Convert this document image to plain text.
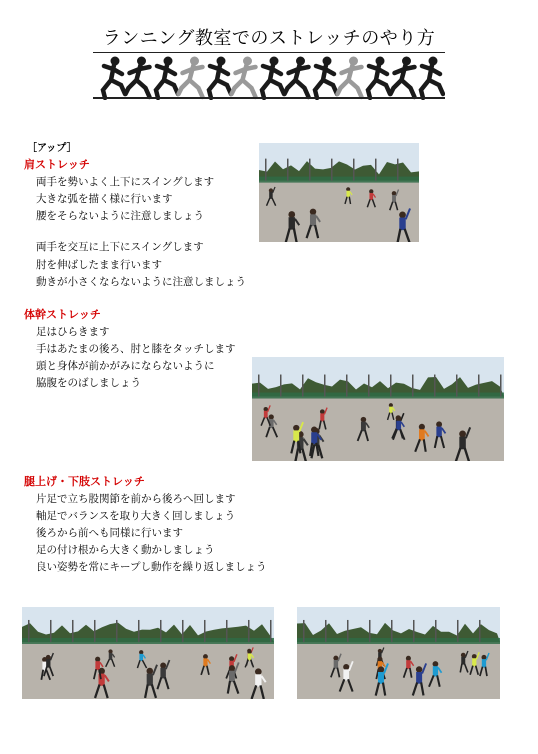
ランニング教室でのストレッチのやり方
［アップ］
肩ストレッチ
両手を勢いよく上下にスイングします
大きな弧を描く様に行います
腰をそらないように注意しましょう
両手を交互に上下にスイングします
肘を伸ばしたまま行います
動きが小さくならないように注意しましょう
体幹ストレッチ
足はひらきます
手はあたまの後ろ、肘と膝をタッチします
頭と身体が前かがみにならないように
脇腹をのばしましょう
腿上げ・下肢ストレッチ
片足で立ち股関節を前から後ろへ回します
軸足でバランスを取り大きく回しましょう
後ろから前へも同様に行います
足の付け根から大きく動かしましょう
良い姿勢を常にキープし動作を繰り返しましょう
